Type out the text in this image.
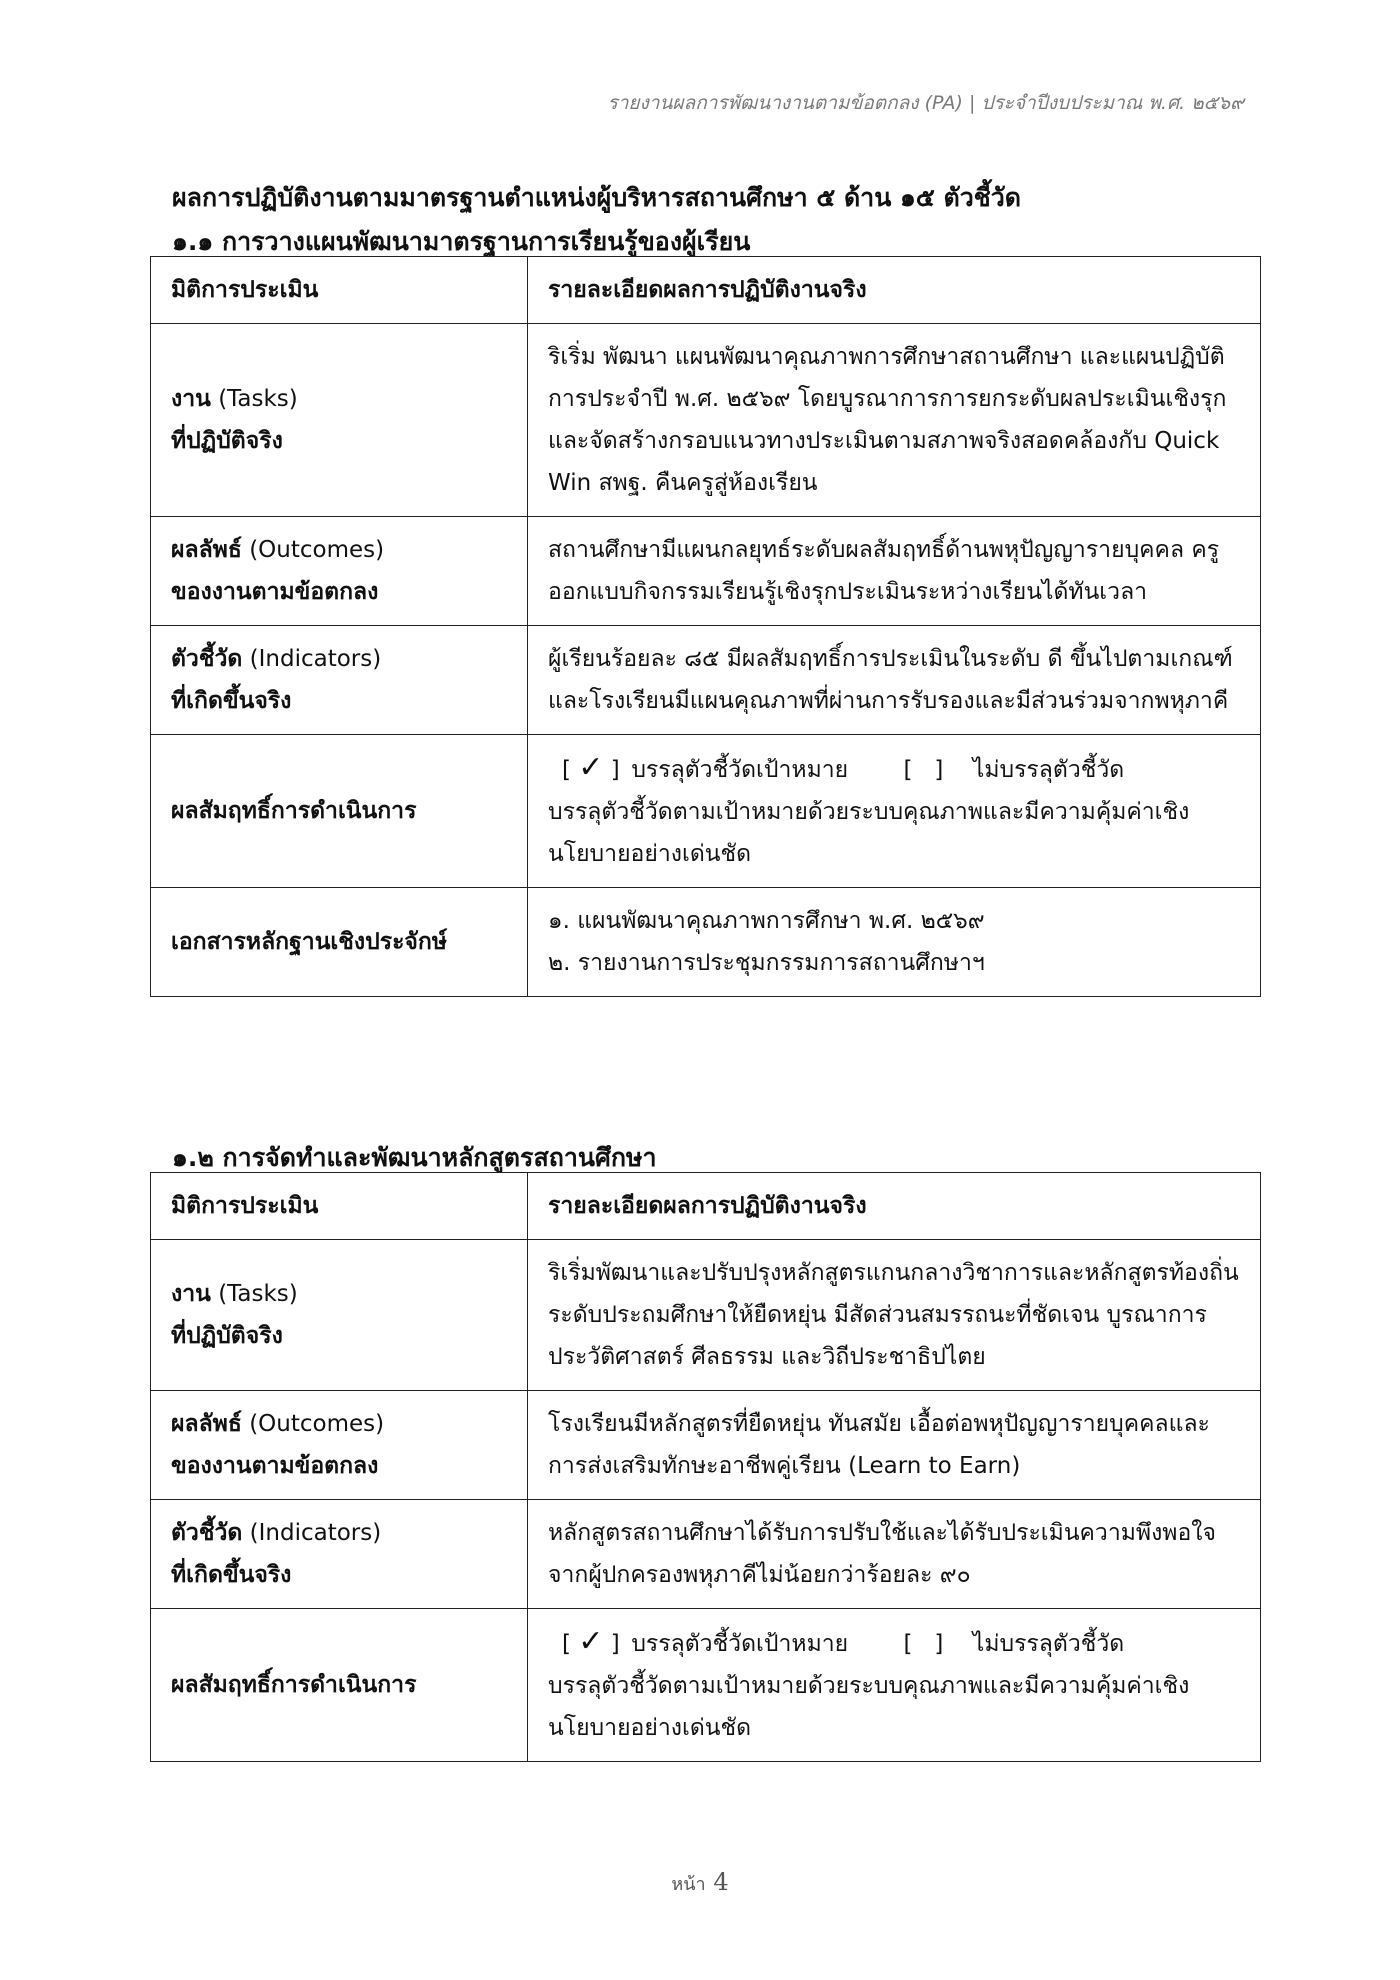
รายงานผลการพัฒนางานตามข้อตกลง (PA) | ประจำปีงบประมาณ พ.ศ. ๒๕๖๙
ผลการปฏิบัติงานตามมาตรฐานตำแหน่งผู้บริหารสถานศึกษา ๕ ด้าน ๑๕ ตัวชี้วัด
๑.๑ การวางแผนพัฒนามาตรฐานการเรียนรู้ของผู้เรียน
มิติการประเมิน	รายละเอียดผลการปฏิบัติงานจริง
งาน (Tasks)
ที่ปฏิบัติจริง	ริเริ่ม พัฒนา แผนพัฒนาคุณภาพการศึกษาสถานศึกษา และแผนปฏิบัติการประจำปี พ.ศ. ๒๕๖๙ โดยบูรณาการการยกระดับผลประเมินเชิงรุก และจัดสร้างกรอบแนวทางประเมินตามสภาพจริงสอดคล้องกับ Quick Win สพฐ. คืนครูสู่ห้องเรียน
ผลลัพธ์ (Outcomes)
ของงานตามข้อตกลง	สถานศึกษามีแผนกลยุทธ์ระดับผลสัมฤทธิ์ด้านพหุปัญญารายบุคคล ครูออกแบบกิจกรรมเรียนรู้เชิงรุกประเมินระหว่างเรียนได้ทันเวลา
ตัวชี้วัด (Indicators)
ที่เกิดขึ้นจริง	ผู้เรียนร้อยละ ๘๕ มีผลสัมฤทธิ์การประเมินในระดับ ดี ขึ้นไปตามเกณฑ์ และโรงเรียนมีแผนคุณภาพที่ผ่านการรับรองและมีส่วนร่วมจากพหุภาคี
ผลสัมฤทธิ์การดำเนินการ	[ ✓ ] บรรลุตัวชี้วัดเป้าหมาย [   ] ไม่บรรลุตัวชี้วัด
บรรลุตัวชี้วัดตามเป้าหมายด้วยระบบคุณภาพและมีความคุ้มค่าเชิงนโยบายอย่างเด่นชัด

เอกสารหลักฐานเชิงประจักษ์	๑. แผนพัฒนาคุณภาพการศึกษา พ.ศ. ๒๕๖๙
๒. รายงานการประชุมกรรมการสถานศึกษาฯ
๑.๒ การจัดทำและพัฒนาหลักสูตรสถานศึกษา
มิติการประเมิน	รายละเอียดผลการปฏิบัติงานจริง
งาน (Tasks)
ที่ปฏิบัติจริง	ริเริ่มพัฒนาและปรับปรุงหลักสูตรแกนกลางวิชาการและหลักสูตรท้องถิ่นระดับประถมศึกษาให้ยืดหยุ่น มีสัดส่วนสมรรถนะที่ชัดเจน บูรณาการประวัติศาสตร์ ศีลธรรม และวิถีประชาธิปไตย
ผลลัพธ์ (Outcomes)
ของงานตามข้อตกลง	โรงเรียนมีหลักสูตรที่ยืดหยุ่น ทันสมัย เอื้อต่อพหุปัญญารายบุคคลและการส่งเสริมทักษะอาชีพคู่เรียน (Learn to Earn)
ตัวชี้วัด (Indicators)
ที่เกิดขึ้นจริง	หลักสูตรสถานศึกษาได้รับการปรับใช้และได้รับประเมินความพึงพอใจจากผู้ปกครองพหุภาคีไม่น้อยกว่าร้อยละ ๙๐
ผลสัมฤทธิ์การดำเนินการ	[ ✓ ] บรรลุตัวชี้วัดเป้าหมาย [   ] ไม่บรรลุตัวชี้วัด
บรรลุตัวชี้วัดตามเป้าหมายด้วยระบบคุณภาพและมีความคุ้มค่าเชิงนโยบายอย่างเด่นชัด
หน้า 4
